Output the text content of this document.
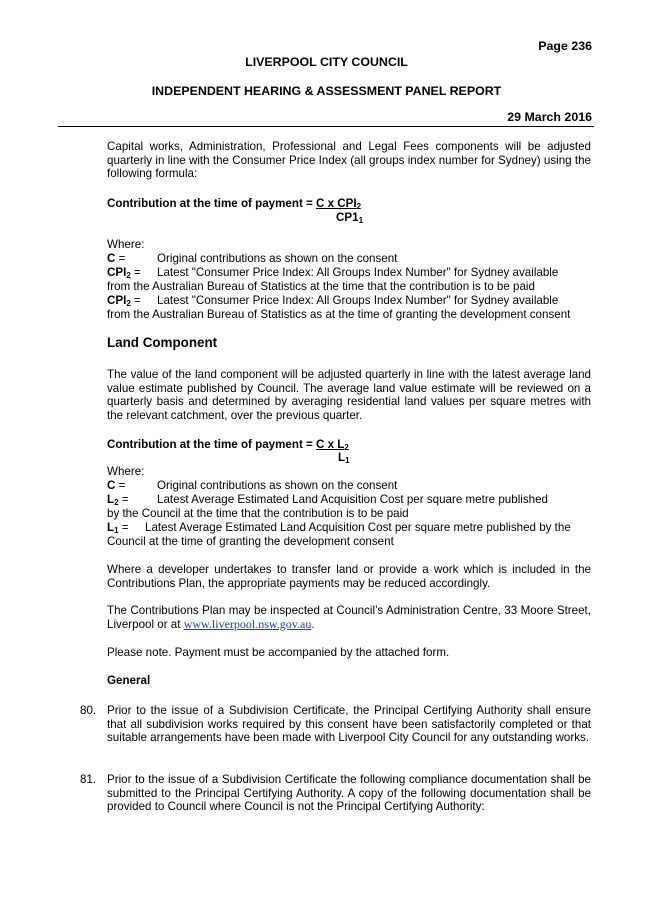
Page 236
LIVERPOOL CITY COUNCIL
INDEPENDENT HEARING & ASSESSMENT PANEL REPORT
29 March 2016
Capital works, Administration, Professional and Legal Fees components will be adjusted quarterly in line with the Consumer Price Index (all groups index number for Sydney) using the following formula:
Contribution at the time of payment = C x $CPI_2$
$CP1_1$
Where:
C =	Original contributions as shown on the consent
$CPI_2$ = Latest "Consumer Price Index: All Groups Index Number" for Sydney available
from the Australian Bureau of Statistics at the time that the contribution is to be paid
$CPI_2$ = Latest "Consumer Price Index: All Groups Index Number" for Sydney available
from the Australian Bureau of Statistics as at the time of granting the development consent
Land Component
The value of the land component will be adjusted quarterly in line with the latest average land value estimate published by Council. The average land value estimate will be reviewed on a quarterly basis and determined by averaging residential land values per square metres with the relevant catchment, over the previous quarter.
Contribution at the time of payment = C x $L_2$
$L_1$
Where:
C =	Original contributions as shown on the consent
$L_2$ = Latest Average Estimated Land Acquisition Cost per square metre published
by the Council at the time that the contribution is to be paid
$L_1$ = Latest Average Estimated Land Acquisition Cost per square metre published by the
Council at the time of granting the development consent
Where a developer undertakes to transfer land or provide a work which is included in the Contributions Plan, the appropriate payments may be reduced accordingly.
The Contributions Plan may be inspected at Council’s Administration Centre, 33 Moore Street, Liverpool or at www.liverpool.nsw.gov.au.
Please note. Payment must be accompanied by the attached form.
General
80. Prior to the issue of a Subdivision Certificate, the Principal Certifying Authority shall ensure that all subdivision works required by this consent have been satisfactorily completed or that suitable arrangements have been made with Liverpool City Council for any outstanding works.
81. Prior to the issue of a Subdivision Certificate the following compliance documentation shall be submitted to the Principal Certifying Authority. A copy of the following documentation shall be provided to Council where Council is not the Principal Certifying Authority:
